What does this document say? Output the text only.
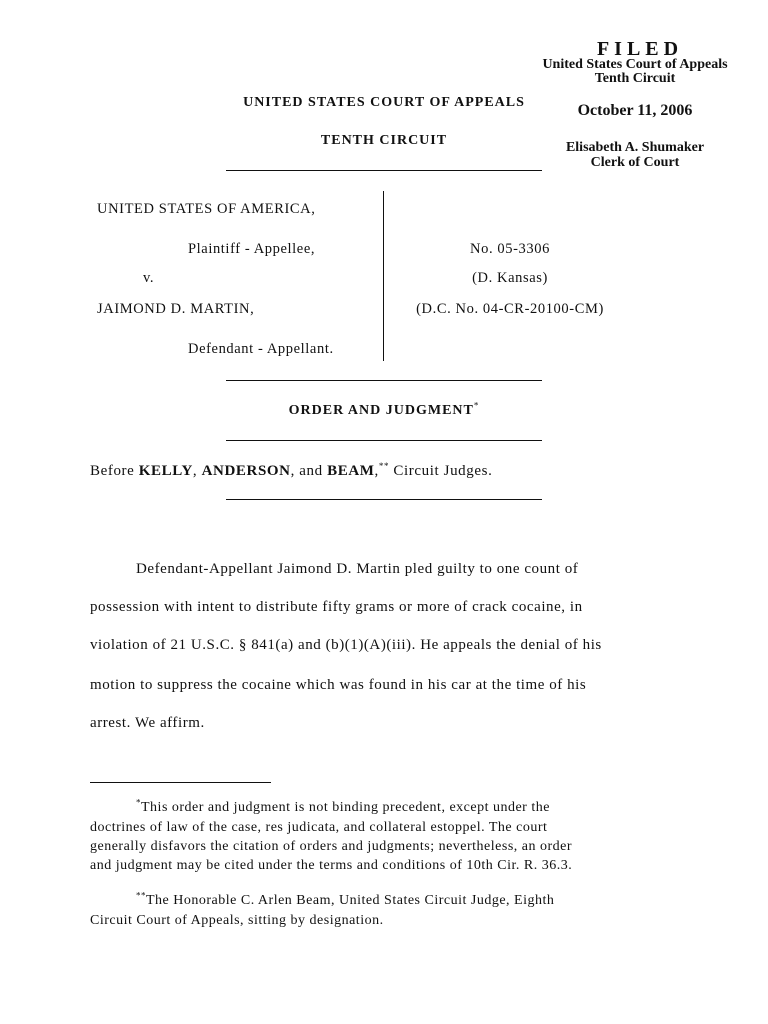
FILED
United States Court of Appeals
Tenth Circuit
October 11, 2006
Elisabeth A. Shumaker
Clerk of Court
UNITED STATES COURT OF APPEALS
TENTH CIRCUIT
UNITED STATES OF AMERICA,
Plaintiff - Appellee,
v.
JAIMOND D. MARTIN,
Defendant - Appellant.
No. 05-3306
(D. Kansas)
(D.C. No. 04-CR-20100-CM)
ORDER AND JUDGMENT*
Before KELLY, ANDERSON, and BEAM,** Circuit Judges.
Defendant-Appellant Jaimond D. Martin pled guilty to one count of
possession with intent to distribute fifty grams or more of crack cocaine, in
violation of 21 U.S.C. § 841(a) and (b)(1)(A)(iii). He appeals the denial of his
motion to suppress the cocaine which was found in his car at the time of his
arrest. We affirm.
*This order and judgment is not binding precedent, except under the
doctrines of law of the case, res judicata, and collateral estoppel. The court
generally disfavors the citation of orders and judgments; nevertheless, an order
and judgment may be cited under the terms and conditions of 10th Cir. R. 36.3.
**The Honorable C. Arlen Beam, United States Circuit Judge, Eighth
Circuit Court of Appeals, sitting by designation.
